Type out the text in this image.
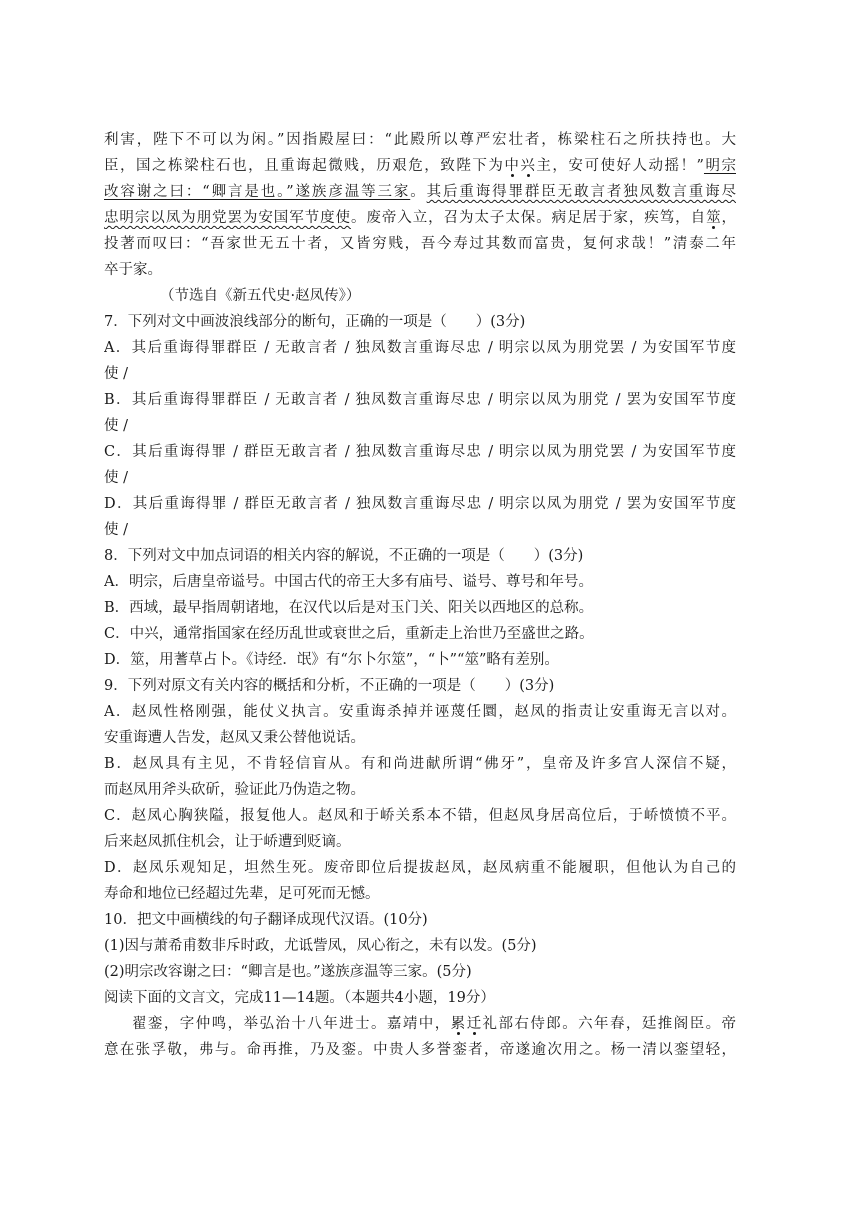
利害，陛下不可以为闲。”因指殿屋曰：“此殿所以尊严宏壮者，栋梁柱石之所扶持也。大
臣，国之栋梁柱石也，且重诲起微贱，历艰危，致陛下为中兴主，安可使好人动摇！”明宗
改容谢之曰：“卿言是也。”遂族彦温等三家。其后重诲得罪群臣无敢言者独凤数言重诲尽
忠明宗以凤为朋党罢为安国军节度使。废帝入立，召为太子太保。病足居于家，疾笃，自筮，
投著而叹曰：“吾家世无五十者，又皆穷贱，吾今寿过其数而富贵，复何求哉！”清泰二年
卒于家。
（节选自《新五代史·赵凤传》）
7．下列对文中画波浪线部分的断句，正确的一项是（　　）(3分)
A．其后重诲得罪群臣 / 无敢言者 / 独凤数言重诲尽忠 / 明宗以凤为朋党罢 / 为安国军节度
使 /
B．其后重诲得罪群臣 / 无敢言者 / 独凤数言重诲尽忠 / 明宗以凤为朋党 / 罢为安国军节度
使 /
C．其后重诲得罪 / 群臣无敢言者 / 独凤数言重诲尽忠 / 明宗以凤为朋党罢 / 为安国军节度
使 /
D．其后重诲得罪 / 群臣无敢言者 / 独凤数言重诲尽忠 / 明宗以凤为朋党 / 罢为安国军节度
使 /
8．下列对文中加点词语的相关内容的解说，不正确的一项是（　　）(3分)
A．明宗，后唐皇帝谥号。中国古代的帝王大多有庙号、谥号、尊号和年号。
B．西域，最早指周朝诸地，在汉代以后是对玉门关、阳关以西地区的总称。
C．中兴，通常指国家在经历乱世或衰世之后，重新走上治世乃至盛世之路。
D．筮，用蓍草占卜。《诗经．氓》有“尔卜尔筮”，“卜”“筮”略有差别。
9．下列对原文有关内容的概括和分析，不正确的一项是（　　）(3分)
A．赵凤性格刚强，能仗义执言。安重诲杀掉并诬蔑任圜，赵凤的指责让安重诲无言以对。
安重诲遭人告发，赵凤又秉公替他说话。
B．赵凤具有主见，不肯轻信盲从。有和尚进献所谓“佛牙”，皇帝及许多宫人深信不疑，
而赵凤用斧头砍斫，验证此乃伪造之物。
C．赵凤心胸狭隘，报复他人。赵凤和于峤关系本不错，但赵凤身居高位后，于峤愤愤不平。
后来赵凤抓住机会，让于峤遭到贬谪。
D．赵凤乐观知足，坦然生死。废帝即位后提拔赵凤，赵凤病重不能履职，但他认为自己的
寿命和地位已经超过先辈，足可死而无憾。
10．把文中画横线的句子翻译成现代汉语。(10分)
(1)因与萧希甫数非斥时政，尤诋訾凤，凤心衔之，未有以发。(5分)
(2)明宗改容谢之曰：“卿言是也。”遂族彦温等三家。(5分)
阅读下面的文言文，完成11—14题。（本题共4小题，19分）
翟銮，字仲鸣，举弘治十八年进士。嘉靖中，累迁礼部右侍郎。六年春，廷推阁臣。帝
意在张孚敬，弗与。命再推，乃及銮。中贵人多誉銮者，帝遂逾次用之。杨一清以銮望轻，
